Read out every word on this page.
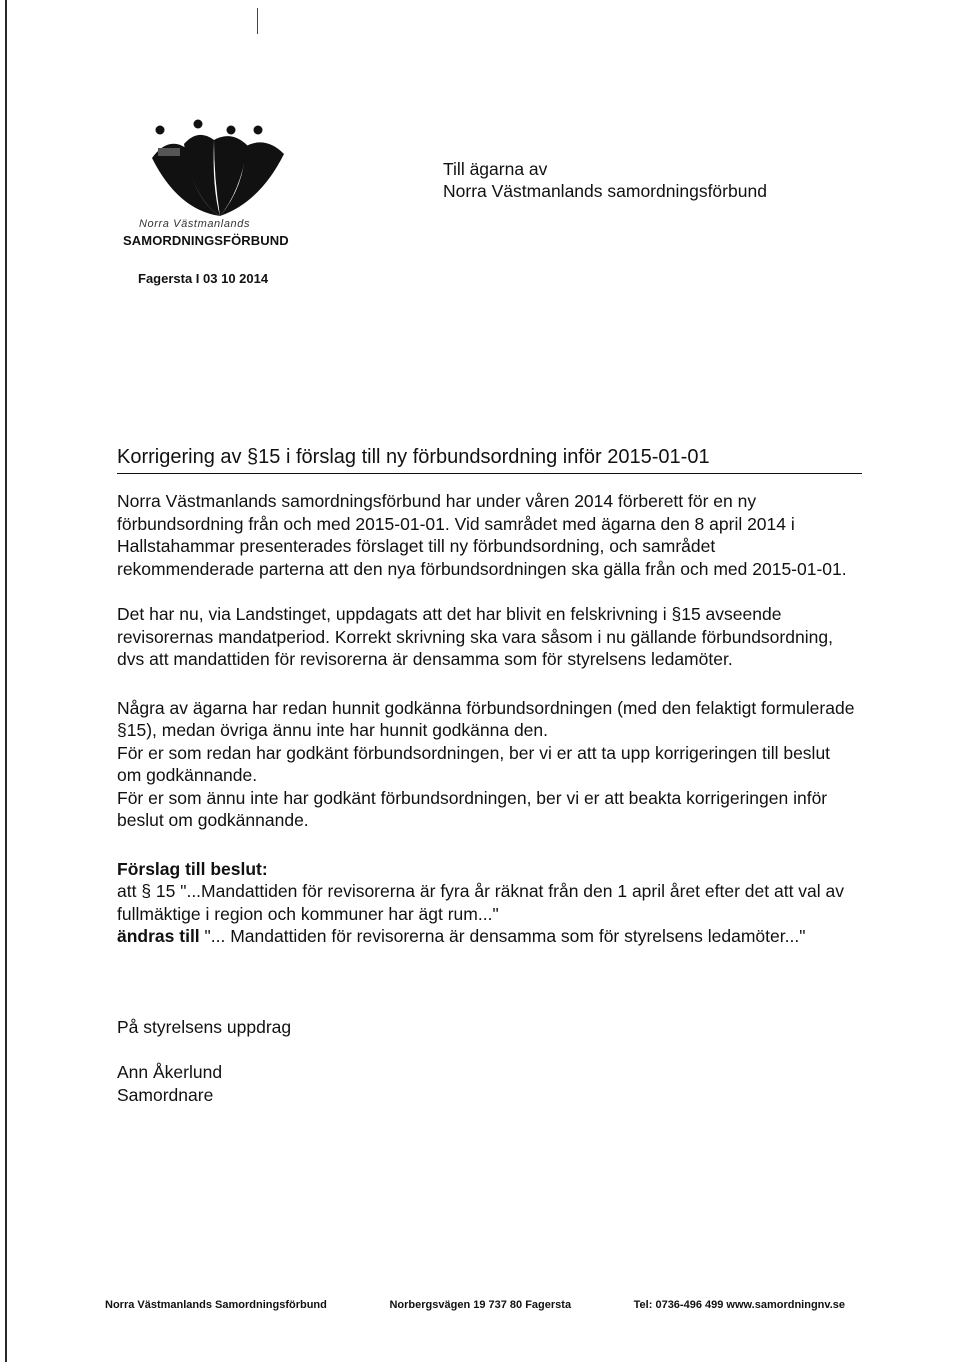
Norra Västmanlands
SAMORDNINGSFÖRBUND
Fagersta I 03 10 2014
Till ägarna av
Norra Västmanlands samordningsförbund
Korrigering av §15 i förslag till ny förbundsordning inför 2015-01-01

Norra Västmanlands samordningsförbund har under våren 2014 förberett för en ny förbundsordning från och med 2015-01-01. Vid samrådet med ägarna den 8 april 2014 i Hallstahammar presenterades förslaget till ny förbundsordning, och samrådet rekommenderade parterna att den nya förbundsordningen ska gälla från och med 2015-01-01.

Det har nu, via Landstinget, uppdagats att det har blivit en felskrivning i §15 avseende revisorernas mandatperiod. Korrekt skrivning ska vara såsom i nu gällande förbundsordning, dvs att mandattiden för revisorerna är densamma som för styrelsens ledamöter.

Några av ägarna har redan hunnit godkänna förbundsordningen (med den felaktigt formulerade §15), medan övriga ännu inte har hunnit godkänna den.

För er som redan har godkänt förbundsordningen, ber vi er att ta upp korrigeringen till beslut om godkännande.

För er som ännu inte har godkänt förbundsordningen, ber vi er att beakta korrigeringen inför beslut om godkännande.

Förslag till beslut:

att § 15 "...Mandattiden för revisorerna är fyra år räknat från den 1 april året efter det att val av fullmäktige i region och kommuner har ägt rum..."

ändras till "... Mandattiden för revisorerna är densamma som för styrelsens ledamöter..."

På styrelsens uppdrag

Ann Åkerlund

Samordnare

Norra Västmanlands Samordningsförbund	Norbergsvägen 19 737 80 Fagersta	Tel: 0736-496 499 www.samordningnv.se
